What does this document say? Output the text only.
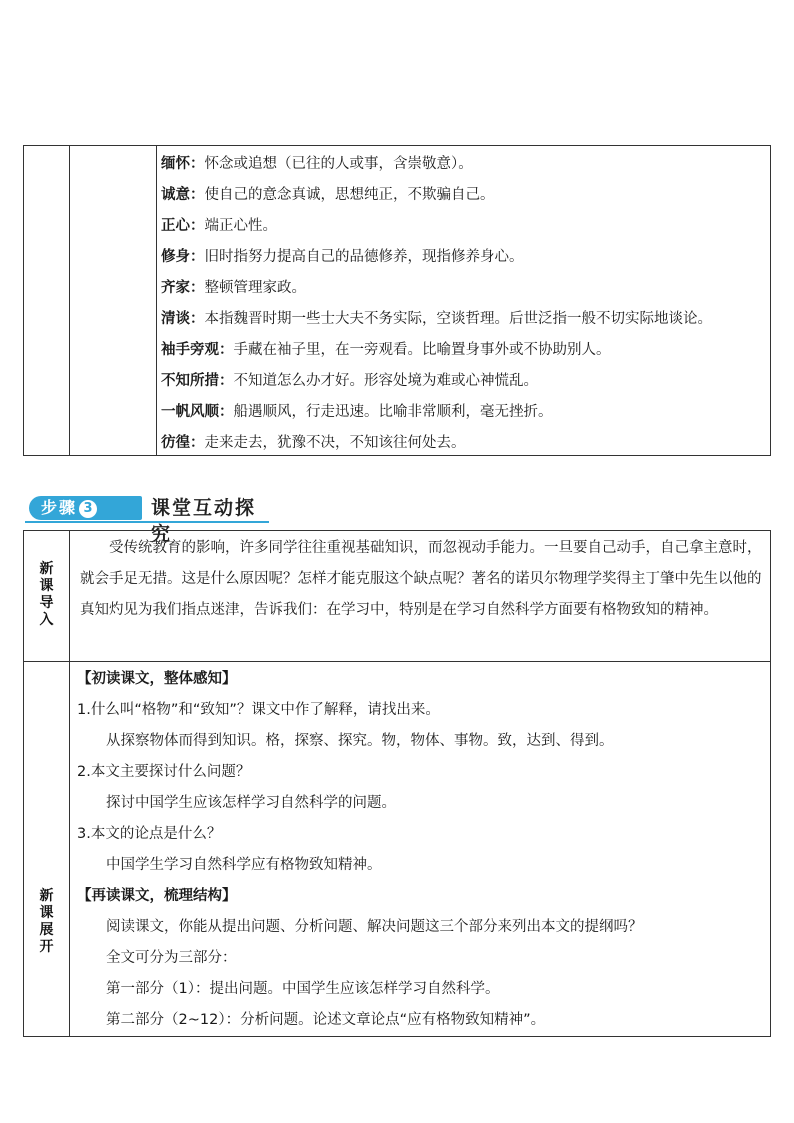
缅怀：怀念或追想（已往的人或事，含崇敬意）。
诚意：使自己的意念真诚，思想纯正，不欺骗自己。
正心：端正心性。
修身：旧时指努力提高自己的品德修养，现指修养身心。
齐家：整顿管理家政。
清谈：本指魏晋时期一些士大夫不务实际，空谈哲理。后世泛指一般不切实际地谈论。
袖手旁观：手藏在袖子里，在一旁观看。比喻置身事外或不协助别人。
不知所措：不知道怎么办才好。形容处境为难或心神慌乱。
一帆风顺：船遇顺风，行走迅速。比喻非常顺利，毫无挫折。
彷徨：走来走去，犹豫不决，不知该往何处去。
步骤 3	课堂互动探究
新
课
导
入

受传统教育的影响，许多同学往往重视基础知识，而忽视动手能力。一旦要自己动手，自己拿主意时，就会手足无措。这是什么原因呢？怎样才能克服这个缺点呢？著名的诺贝尔物理学奖得主丁肇中先生以他的真知灼见为我们指点迷津，告诉我们：在学习中，特别是在学习自然科学方面要有格物致知的精神。

新
课
展
开
【初读课文，整体感知】
1.什么叫“格物”和“致知”？课文中作了解释，请找出来。
从探察物体而得到知识。格，探察、探究。物，物体、事物。致，达到、得到。
2.本文主要探讨什么问题？
探讨中国学生应该怎样学习自然科学的问题。
3.本文的论点是什么？
中国学生学习自然科学应有格物致知精神。
【再读课文，梳理结构】
阅读课文，你能从提出问题、分析问题、解决问题这三个部分来列出本文的提纲吗？
全文可分为三部分：
第一部分（1）：提出问题。中国学生应该怎样学习自然科学。
第二部分（2~12）：分析问题。论述文章论点“应有格物致知精神”。
